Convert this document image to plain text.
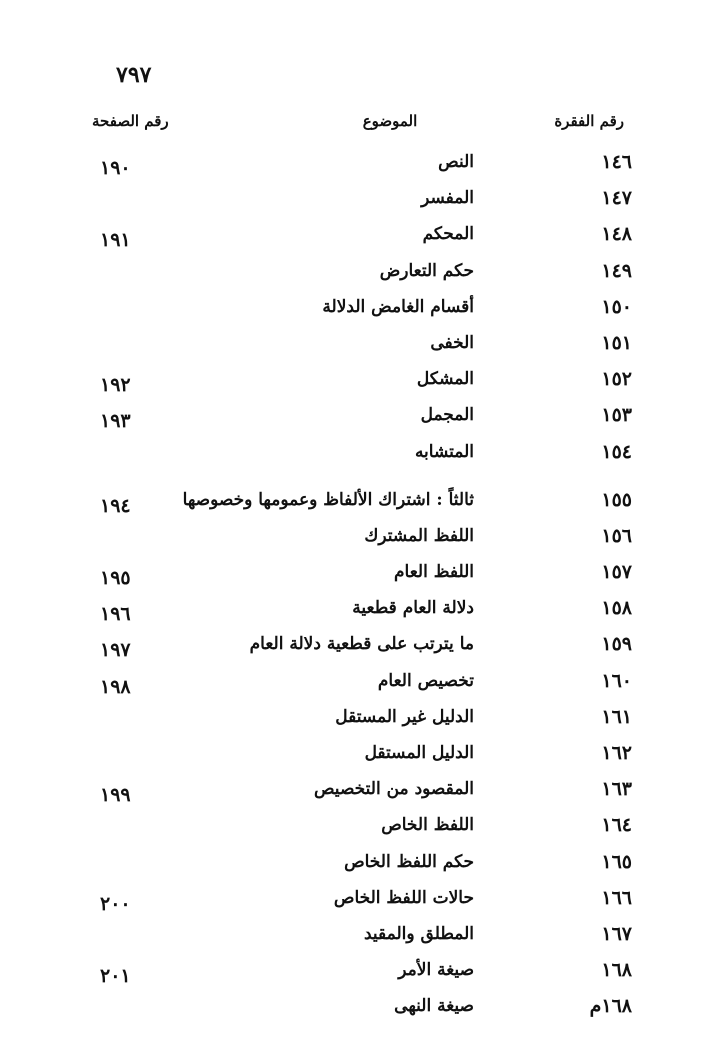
٧٩٧
رقم الفقرة
الموضوع
رقم الصفحة
١٤٦
النص
١٩٠
١٤٧
المفسر
١٤٨
المحكم
١٩١
١٤٩
حكم التعارض
١٥٠
أقسام الغامض الدلالة
١٥١
الخفى
١٥٢
المشكل
١٩٢
١٥٣
المجمل
١٩٣
١٥٤
المتشابه
١٥٥
ثالثاً : اشتراك الألفاظ وعمومها وخصوصها
١٩٤
١٥٦
اللفظ المشترك
١٥٧
اللفظ العام
١٩٥
١٥٨
دلالة العام قطعية
١٩٦
١٥٩
ما يترتب على قطعية دلالة العام
١٩٧
١٦٠
تخصيص العام
١٩٨
١٦١
الدليل غير المستقل
١٦٢
الدليل المستقل
١٦٣
المقصود من التخصيص
١٩٩
١٦٤
اللفظ الخاص
١٦٥
حكم اللفظ الخاص
١٦٦
حالات اللفظ الخاص
٢٠٠
١٦٧
المطلق والمقيد
١٦٨
صيغة الأمر
٢٠١
١٦٨م
صيغة النهى
